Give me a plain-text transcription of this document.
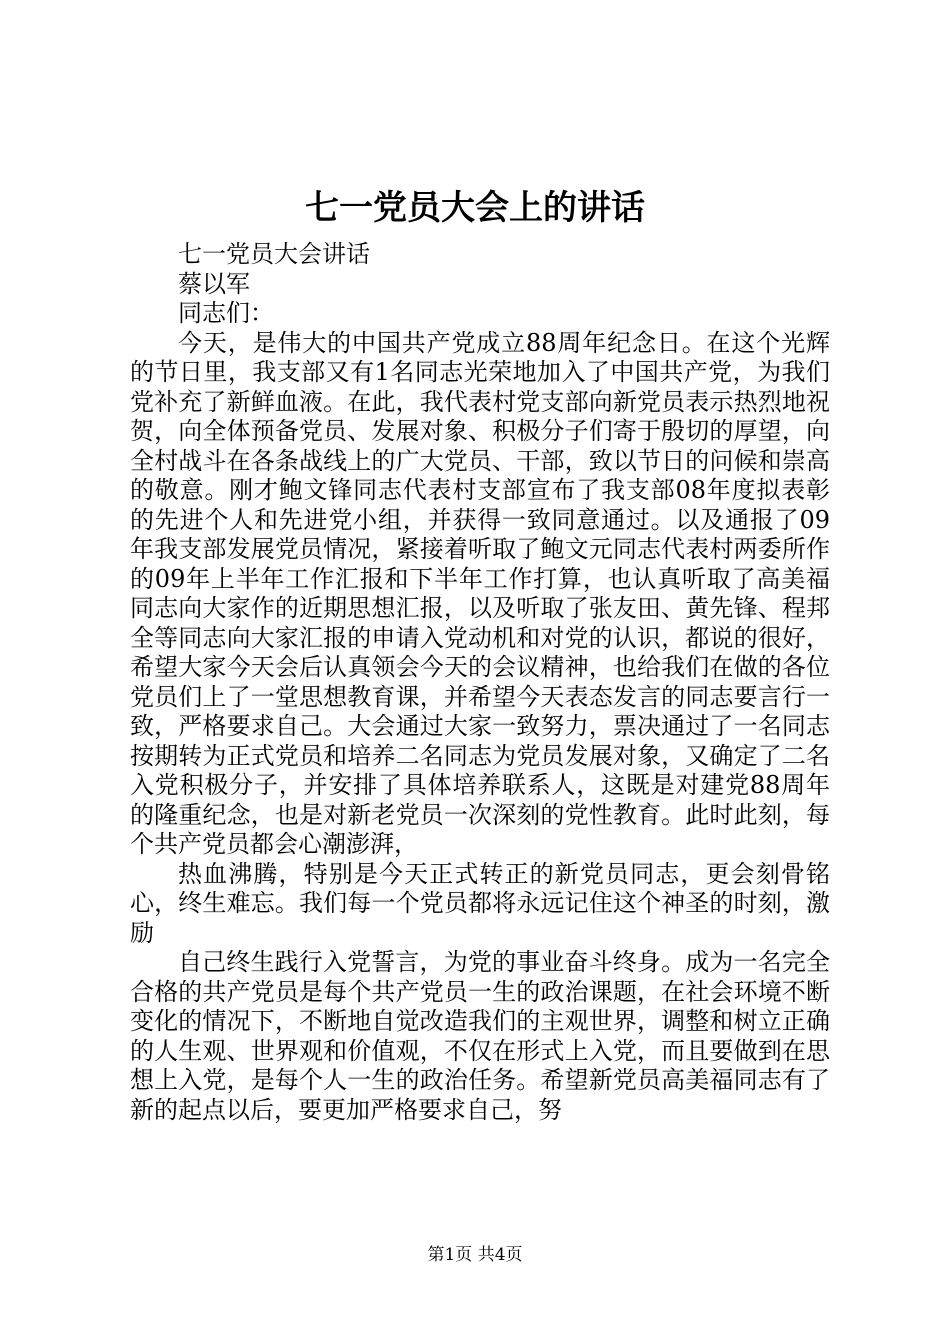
七一党员大会上的讲话

七一党员大会讲话

蔡以军

同志们：

今天，是伟大的中国共产党成立88周年纪念日。在这个光辉的节日里，我支部又有1名同志光荣地加入了中国共产党，为我们党补充了新鲜血液。在此，我代表村党支部向新党员表示热烈地祝贺，向全体预备党员、发展对象、积极分子们寄于殷切的厚望，向全村战斗在各条战线上的广大党员、干部，致以节日的问候和崇高的敬意。刚才鲍文锋同志代表村支部宣布了我支部08年度拟表彰的先进个人和先进党小组，并获得一致同意通过。以及通报了09年我支部发展党员情况，紧接着听取了鲍文元同志代表村两委所作的09年上半年工作汇报和下半年工作打算，也认真听取了高美福同志向大家作的近期思想汇报，以及听取了张友田、黄先锋、程邦全等同志向大家汇报的申请入党动机和对党的认识，都说的很好，希望大家今天会后认真领会今天的会议精神，也给我们在做的各位党员们上了一堂思想教育课，并希望今天表态发言的同志要言行一致，严格要求自己。大会通过大家一致努力，票决通过了一名同志按期转为正式党员和培养二名同志为党员发展对象，又确定了二名入党积极分子，并安排了具体培养联系人，这既是对建党88周年的隆重纪念，也是对新老党员一次深刻的党性教育。此时此刻，每个共产党员都会心潮澎湃，

热血沸腾，特别是今天正式转正的新党员同志，更会刻骨铭心，终生难忘。我们每一个党员都将永远记住这个神圣的时刻，激励

自己终生践行入党誓言，为党的事业奋斗终身。成为一名完全合格的共产党员是每个共产党员一生的政治课题，在社会环境不断变化的情况下，不断地自觉改造我们的主观世界，调整和树立正确的人生观、世界观和价值观，不仅在形式上入党，而且要做到在思想上入党，是每个人一生的政治任务。希望新党员高美福同志有了新的起点以后，要更加严格要求自己，努

第1页 共4页
